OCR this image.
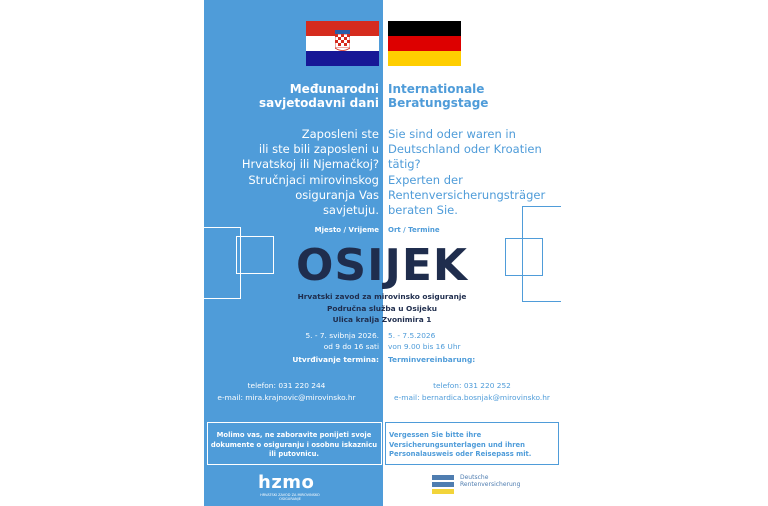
Međunarodni
savjetodavni dani
Internationale
Beratungstage
Zaposleni ste
ili ste bili zaposleni u
Hrvatskoj ili Njemačkoj?
Stručnjaci mirovinskog
osiguranja Vas
savjetuju.
Sie sind oder waren in
Deutschland oder Kroatien
tätig?
Experten der
Rentenversicherungsträger
beraten Sie.
Mjesto / Vrijeme Ort / Termine
OSIJEK
Hrvatski zavod za mirovinsko osiguranje
Područna služba u Osijeku
Ulica kralja Zvonimira 1
5. - 7. svibnja 2026.
od 9 do 16 sati
5. - 7.5.2026
von 9.00 bis 16 Uhr
Utvrđivanje termina: Terminvereinbarung:
telefon: 031 220 244
e-mail: mira.krajnovic@mirovinsko.hr
telefon: 031 220 252
e-mail: bernardica.bosnjak@mirovinsko.hr
Molimo vas, ne zaboravite ponijeti svoje
dokumente o osiguranju i osobnu iskaznicu
ili putovnicu.
Vergessen Sie bitte ihre
Versicherungsunterlagen und ihren
Personalausweis oder Reisepass mit.
hzmo
HRVATSKI ZAVOD ZA MIROVINSKO OSIGURANJE
Deutsche
Rentenversicherung
